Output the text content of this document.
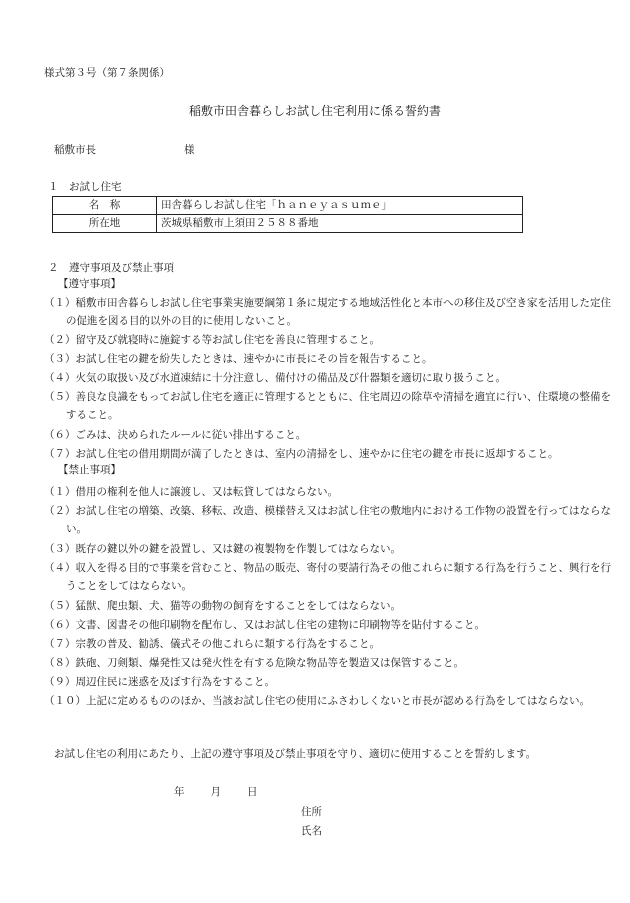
様式第３号（第７条関係）
稲敷市田舎暮らしお試し住宅利用に係る誓約書
稲敷市長	様
１　お試し住宅
名　称	田舎暮らしお試し住宅「ｈａｎｅｙａｓｕｍｅ」
所在地	茨城県稲敷市上須田２５８８番地
２　遵守事項及び禁止事項
【遵守事項】
（１）稲敷市田舎暮らしお試し住宅事業実施要綱第１条に規定する地域活性化と本市への移住及び空き家を活用した定住の促進を図る目的以外の目的に使用しないこと。
（２）留守及び就寝時に施錠する等お試し住宅を善良に管理すること。
（３）お試し住宅の鍵を紛失したときは、速やかに市長にその旨を報告すること。
（４）火気の取扱い及び水道凍結に十分注意し、備付けの備品及び什器類を適切に取り扱うこと。
（５）善良な良識をもってお試し住宅を適正に管理するとともに、住宅周辺の除草や清掃を適宜に行い、住環境の整備をすること。
（６）ごみは、決められたルールに従い排出すること。
（７）お試し住宅の借用期間が満了したときは、室内の清掃をし、速やかに住宅の鍵を市長に返却すること。
【禁止事項】
（１）借用の権利を他人に譲渡し、又は転貸してはならない。
（２）お試し住宅の増築、改築、移転、改造、模様替え又はお試し住宅の敷地内における工作物の設置を行ってはならない。
（３）既存の鍵以外の鍵を設置し、又は鍵の複製物を作製してはならない。
（４）収入を得る目的で事業を営むこと、物品の販売、寄付の要請行為その他これらに類する行為を行うこと、興行を行うことをしてはならない。
（５）猛獣、爬虫類、犬、猫等の動物の飼育をすることをしてはならない。
（６）文書、図書その他印刷物を配布し、又はお試し住宅の建物に印刷物等を貼付すること。
（７）宗教の普及、勧誘、儀式その他これらに類する行為をすること。
（８）鉄砲、刀剣類、爆発性又は発火性を有する危険な物品等を製造又は保管すること。
（９）周辺住民に迷惑を及ぼす行為をすること。
（１０）上記に定めるもののほか、当該お試し住宅の使用にふさわしくないと市長が認める行為をしてはならない。
お試し住宅の利用にあたり、上記の遵守事項及び禁止事項を守り、適切に使用することを誓約します。
年 月 日
住所
氏名
